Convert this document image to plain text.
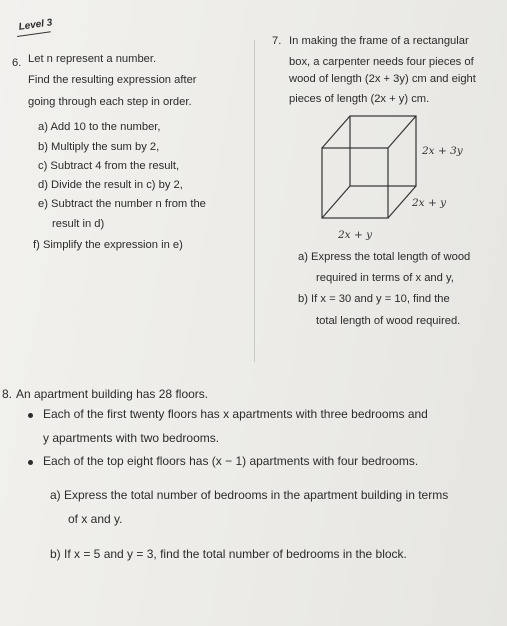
Level 3
6. Let n represent a number.
Find the resulting expression after
going through each step in order.
a) Add 10 to the number,
b) Multiply the sum by 2,
c) Subtract 4 from the result,
d) Divide the result in c) by 2,
e) Subtract the number n from the
result in d)
f) Simplify the expression in e)
7. In making the frame of a rectangular
box, a carpenter needs four pieces of
wood of length (2x + 3y) cm and eight
pieces of length (2x + y) cm.
2x + 3y
2x + y
2x + y
a) Express the total length of wood
required in terms of x and y,
b) If x = 30 and y = 10, find the
total length of wood required.
8. An apartment building has 28 floors.
Each of the first twenty floors has x apartments with three bedrooms and
y apartments with two bedrooms.
Each of the top eight floors has (x − 1) apartments with four bedrooms.
a) Express the total number of bedrooms in the apartment building in terms
of x and y.
b) If x = 5 and y = 3, find the total number of bedrooms in the block.
